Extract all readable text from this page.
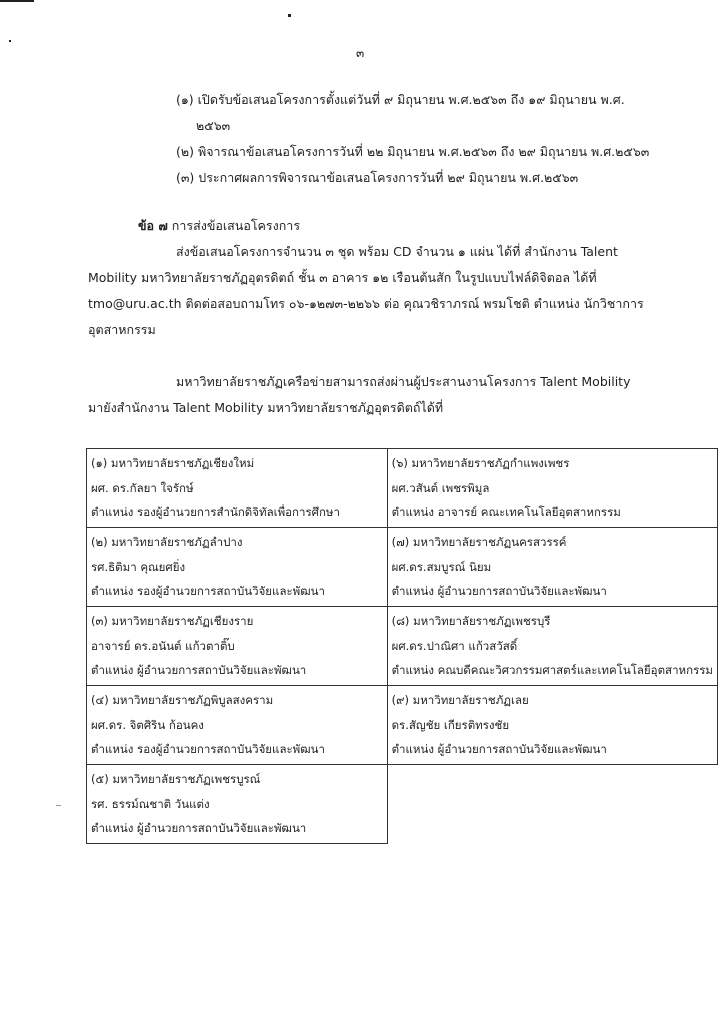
๓
(๑) เปิดรับข้อเสนอโครงการตั้งแต่วันที่ ๙ มิถุนายน พ.ศ.๒๕๖๓ ถึง ๑๙ มิถุนายน พ.ศ.
๒๕๖๓
(๒) พิจารณาข้อเสนอโครงการวันที่ ๒๒ มิถุนายน พ.ศ.๒๕๖๓ ถึง ๒๙ มิถุนายน พ.ศ.๒๕๖๓
(๓) ประกาศผลการพิจารณาข้อเสนอโครงการวันที่ ๒๙ มิถุนายน พ.ศ.๒๕๖๓
ข้อ ๗ การส่งข้อเสนอโครงการ
ส่งข้อเสนอโครงการจำนวน ๓ ชุด พร้อม CD จำนวน ๑ แผ่น ได้ที่ สำนักงาน Talent
Mobility มหาวิทยาลัยราชภัฏอุตรดิตถ์ ชั้น ๓ อาคาร ๑๒ เรือนต้นสัก ในรูปแบบไฟล์ดิจิตอล ได้ที่
tmo@uru.ac.th ติดต่อสอบถามโทร ๐๖-๑๒๗๓-๒๒๖๖ ต่อ คุณวชิราภรณ์ พรมโชติ ตำแหน่ง นักวิชาการ
อุตสาหกรรม
มหาวิทยาลัยราชภัฏเครือข่ายสามารถส่งผ่านผู้ประสานงานโครงการ Talent Mobility
มายังสำนักงาน Talent Mobility มหาวิทยาลัยราชภัฏอุตรดิตถ์ได้ที่
(๑) มหาวิทยาลัยราชภัฏเชียงใหม่
ผศ. ดร.กัลยา ใจรักษ์
ตำแหน่ง รองผู้อำนวยการสำนักดิจิทัลเพื่อการศึกษา	(๖) มหาวิทยาลัยราชภัฏกำแพงเพชร
ผศ.วสันต์ เพชรพิมูล
ตำแหน่ง อาจารย์ คณะเทคโนโลยีอุตสาหกรรม

(๒) มหาวิทยาลัยราชภัฏลำปาง
รศ.ธิติมา คุณยศยิ่ง
ตำแหน่ง รองผู้อำนวยการสถาบันวิจัยและพัฒนา	(๗) มหาวิทยาลัยราชภัฏนครสวรรค์
ผศ.ดร.สมบูรณ์ นิยม
ตำแหน่ง ผู้อำนวยการสถาบันวิจัยและพัฒนา

(๓) มหาวิทยาลัยราชภัฏเชียงราย
อาจารย์ ดร.อนันต์ แก้วตาติ๊บ
ตำแหน่ง ผู้อำนวยการสถาบันวิจัยและพัฒนา	(๘) มหาวิทยาลัยราชภัฏเพชรบุรี
ผศ.ดร.ปาณิศา แก้วสวัสดิ์
ตำแหน่ง คณบดีคณะวิศวกรรมศาสตร์และเทคโนโลยีอุตสาหกรรม

(๔) มหาวิทยาลัยราชภัฏพิบูลสงคราม
ผศ.ดร. จิตศิริน ก้อนคง
ตำแหน่ง รองผู้อำนวยการสถาบันวิจัยและพัฒนา	(๙) มหาวิทยาลัยราชภัฏเลย
ดร.สัญชัย เกียรติทรงชัย
ตำแหน่ง ผู้อำนวยการสถาบันวิจัยและพัฒนา

(๕) มหาวิทยาลัยราชภัฏเพชรบูรณ์
รศ. ธรรม์ณชาติ วันแต่ง
ตำแหน่ง ผู้อำนวยการสถาบันวิจัยและพัฒนา	
